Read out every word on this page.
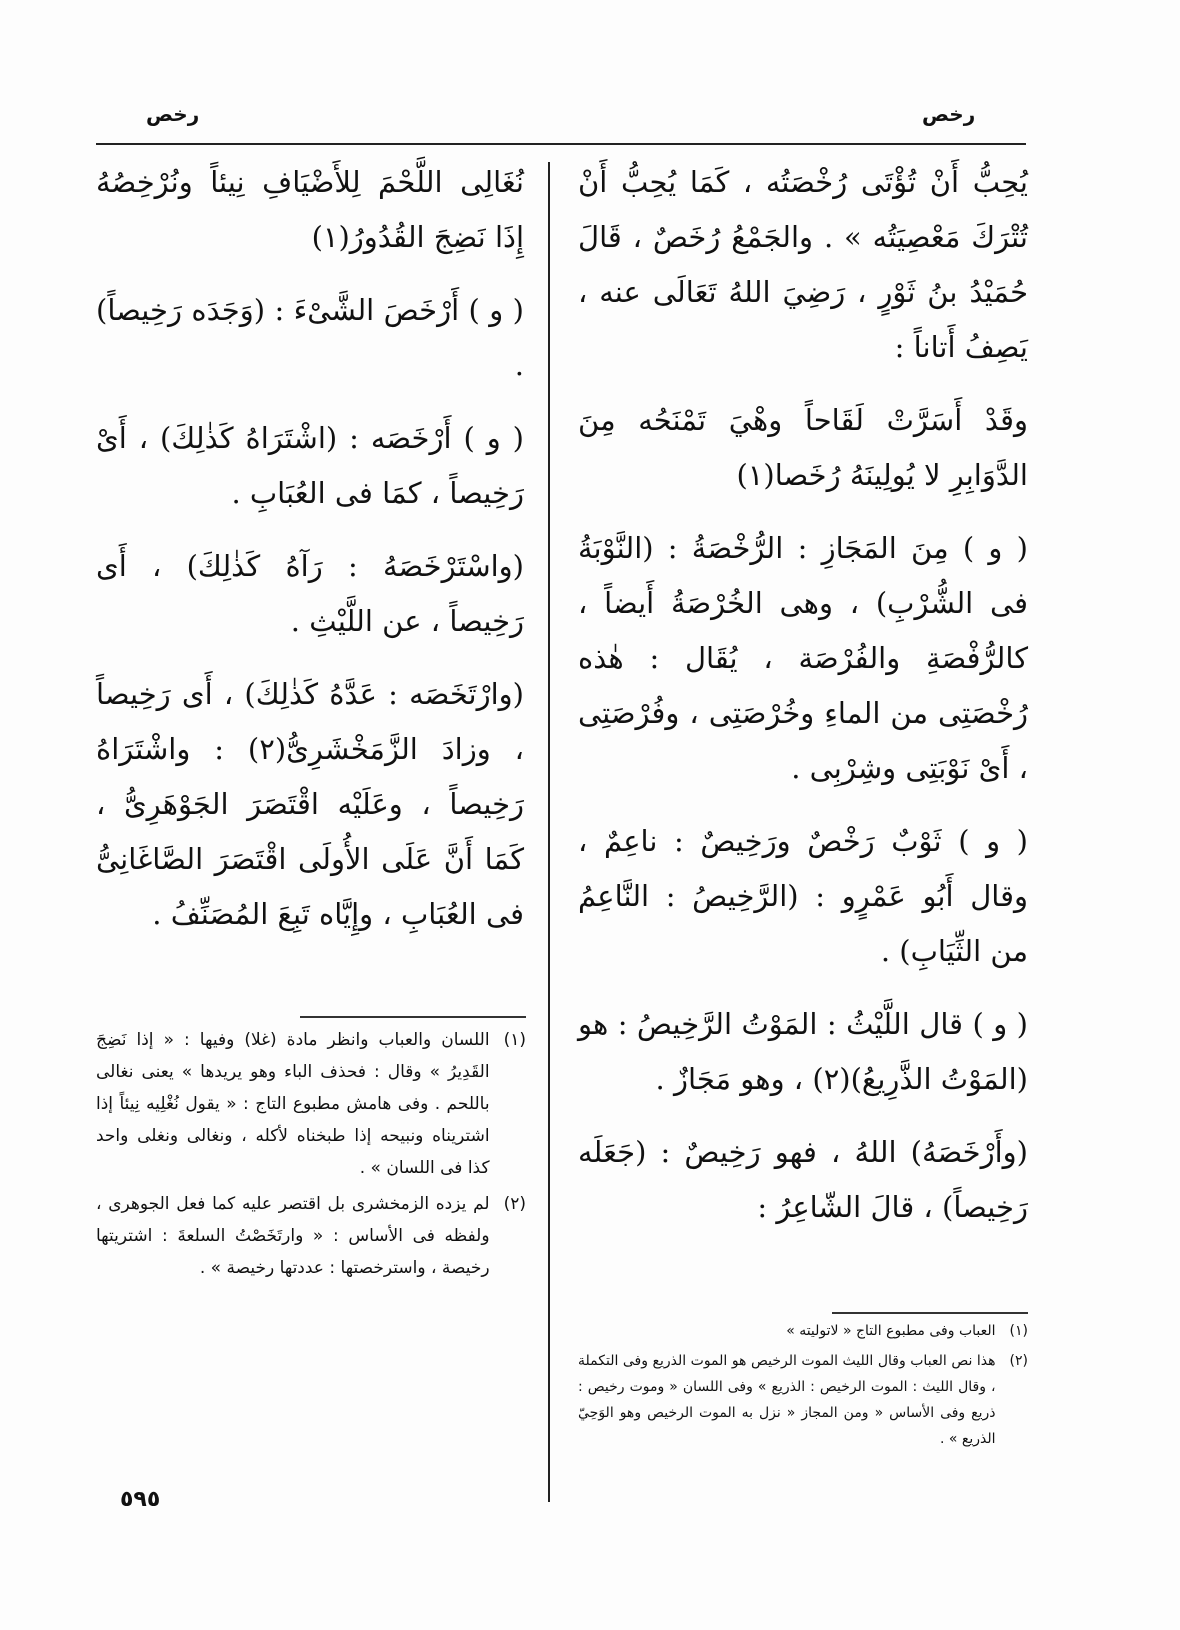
رخص	رخص

يُحِبُّ أَنْ تُؤْتَى رُخْصَتُه ، كَمَا يُحِبُّ أَنْ تُتْرَكَ مَعْصِيَتُه » . والجَمْعُ رُخَصٌ ، قَالَ حُمَيْدُ بنُ ثَوْرٍ ، رَضِيَ اللهُ تَعَالَى عنه ، يَصِفُ أَتاناً :

وقَدْ أَسَرَّتْ لَقَاحاً وهْيَ تَمْنَحُه مِنَ الدَّوَابِرِ لا يُولِينَهُ رُخَصا(١)

( و ) مِنَ المَجَازِ : الرُّخْصَةُ : (النَّوْبَةُ فى الشُّرْبِ) ، وهى الخُرْصَةُ أَيضاً ، كالرُّفْصَةِ والفُرْصَة ، يُقَال : هٰذه رُخْصَتِى من الماءِ وخُرْصَتِى ، وفُرْصَتِى ، أَىْ نَوْبَتِى وشِرْبِى .

( و ) ثَوْبٌ رَخْصٌ ورَخِيصٌ : ناعِمٌ ، وقال أَبُو عَمْرٍو : (الرَّخِيصُ : النَّاعِمُ من الثِّيَابِ) .

( و ) قال اللَّيْثُ : المَوْتُ الرَّخِيصُ : هو (المَوْتُ الذَّرِيعُ)(٢) ، وهو مَجَازٌ .

(وأَرْخَصَهُ) اللهُ ، فهو رَخِيصٌ : (جَعَلَه رَخِيصاً) ، قالَ الشّاعِرُ :

نُغَالِى اللَّحْمَ لِلأَضْيَافِ نِيئاً ونُرْخِصُهُ إِذَا نَضِجَ القُدُورُ(١)

( و ) أَرْخَصَ الشَّىْءَ : (وَجَدَه رَخِيصاً) .

( و ) أَرْخَصَه : (اشْتَرَاهُ كَذٰلِكَ) ، أَىْ رَخِيصاً ، كمَا فى العُبَابِ .

(واسْتَرْخَصَهُ : رَآهُ كَذٰلِكَ) ، أَى رَخِيصاً ، عن اللَّيْثِ .

(وارْتَخَصَه : عَدَّهُ كَذٰلِكَ) ، أَى رَخِيصاً ، وزادَ الزَّمَخْشَرِىُّ(٢) : واشْتَرَاهُ رَخِيصاً ، وعَلَيْه اقْتَصَرَ الجَوْهَرِىُّ ، كَمَا أَنَّ عَلَى الأُولَى اقْتَصَرَ الصَّاغَانِىُّ فى العُبَابِ ، وإِيَّاه تَبِعَ المُصَنِّفُ .

(١)
اللسان والعباب وانظر مادة (غلا) وفيها : « إذا نَضِجَ القَدِيرُ » وقال : فحذف الباء وهو يريدها » يعنى نغالى باللحم . وفى هامش مطبوع التاج : « يقول نُغْلِيه نِيئاً إذا اشتريناه ونبيحه إذا طبخناه لأكله ، ونغالى ونغلى واحد كذا فى اللسان » .
(٢)
لم يزده الزمخشرى بل اقتصر عليه كما فعل الجوهرى ، ولفظه فى الأساس : « وارتَخَصْتُ السلعةَ : اشتريتها رخيصة ، واسترخصتها : عددتها رخيصة » .
(١)
العباب وفى مطبوع التاج « لاتوليته »
(٢)
هذا نص العباب وقال الليث الموت الرخيص هو الموت الذريع وفى التكملة ، وقال الليث : الموت الرخيص : الذريع » وفى اللسان « وموت رخيص : ذريع وفى الأساس « ومن المجاز « نزل به الموت الرخيص وهو الوَحِيّ الذريع » .
٥٩٥
